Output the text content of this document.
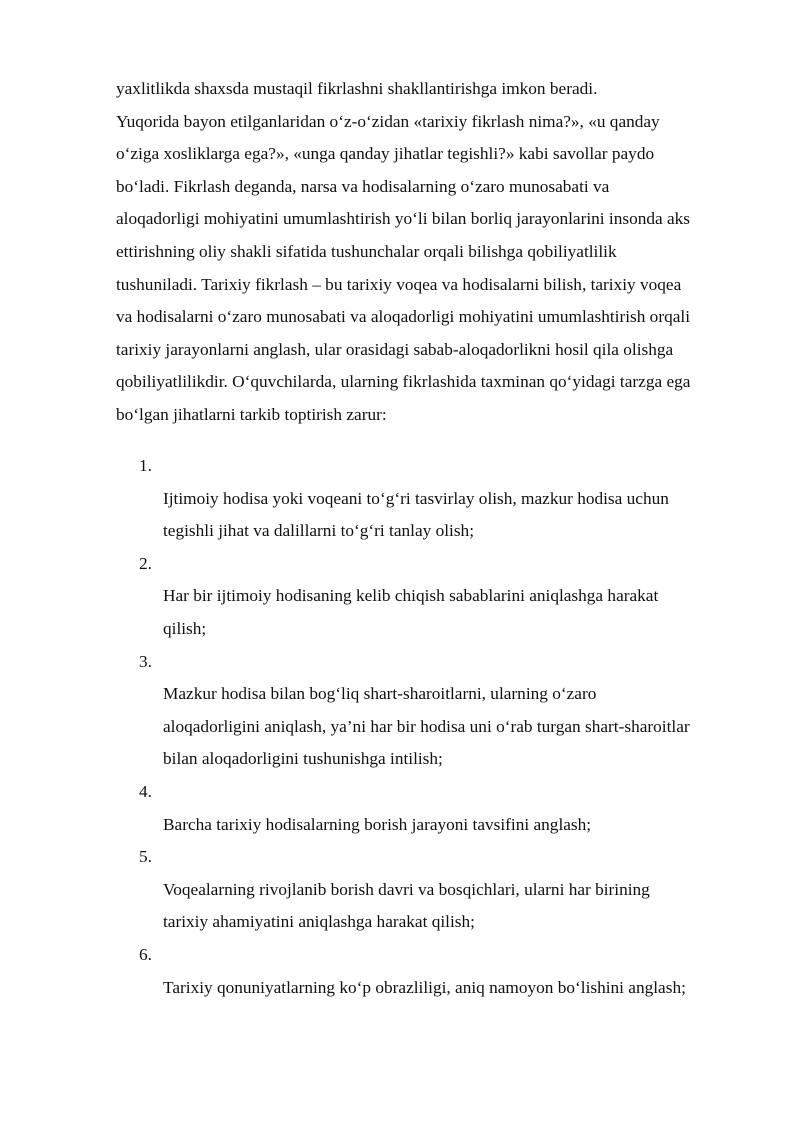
yaxlitlikda shaxsda mustaqil fikrlashni shakllantirishga imkon beradi.

Yuqorida bayon etilganlaridan o‘z-o‘zidan «tarixiy fikrlash nima?», «u qanday

o‘ziga xosliklarga ega?», «unga qanday jihatlar tegishli?» kabi savollar paydo

bo‘ladi. Fikrlash deganda, narsa va hodisalarning o‘zaro munosabati va

aloqadorligi mohiyatini umumlashtirish yo‘li bilan borliq jarayonlarini insonda aks

ettirishning oliy shakli sifatida tushunchalar orqali bilishga qobiliyatlilik

tushuniladi. Tarixiy fikrlash – bu tarixiy voqea va hodisalarni bilish, tarixiy voqea

va hodisalarni o‘zaro munosabati va aloqadorligi mohiyatini umumlashtirish orqali

tarixiy jarayonlarni anglash, ular orasidagi sabab-aloqadorlikni hosil qila olishga

qobiliyatlilikdir. O‘quvchilarda, ularning fikrlashida taxminan qo‘yidagi tarzga ega

bo‘lgan jihatlarni tarkib toptirish zarur:

1.
Ijtimoiy hodisa yoki voqeani to‘g‘ri tasvirlay olish, mazkur hodisa uchun
tegishli jihat va dalillarni to‘g‘ri tanlay olish;
2.
Har bir ijtimoiy hodisaning kelib chiqish sabablarini aniqlashga harakat
qilish;
3.
Mazkur hodisa bilan bog‘liq shart-sharoitlarni, ularning o‘zaro
aloqadorligini aniqlash, ya’ni har bir hodisa uni o‘rab turgan shart-sharoitlar
bilan aloqadorligini tushunishga intilish;
4.
Barcha tarixiy hodisalarning borish jarayoni tavsifini anglash;
5.
Voqealarning rivojlanib borish davri va bosqichlari, ularni har birining
tarixiy ahamiyatini aniqlashga harakat qilish;
6.
Tarixiy qonuniyatlarning ko‘p obrazliligi, aniq namoyon bo‘lishini anglash;
